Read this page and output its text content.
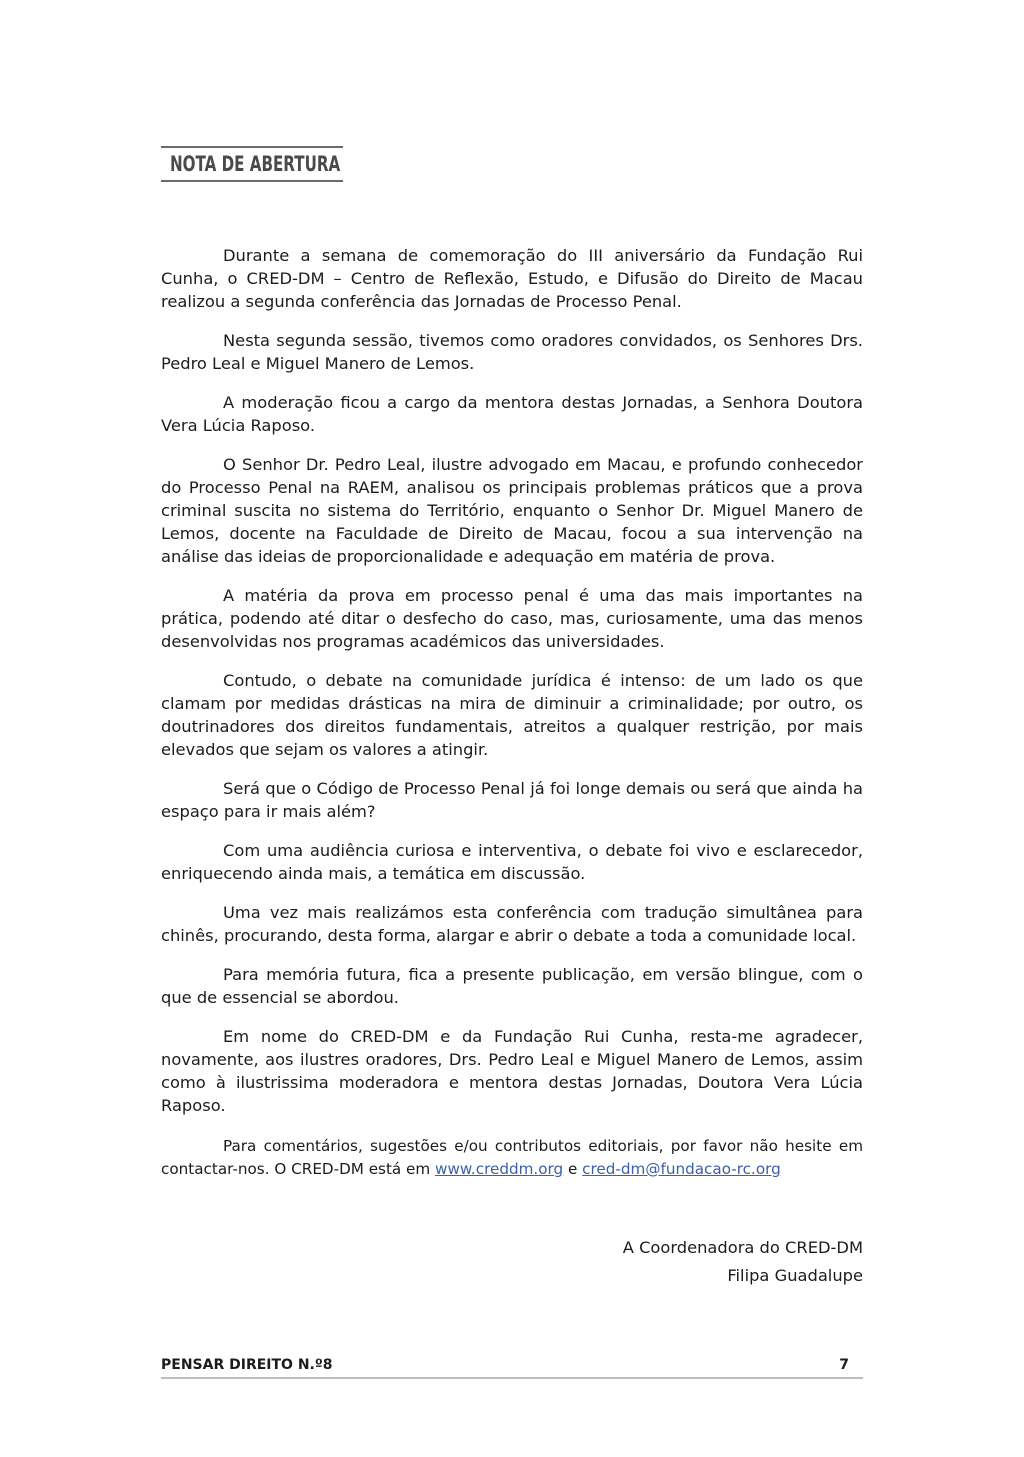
NOTA DE ABERTURA

Durante a semana de comemoração do III aniversário da Fundação Rui Cunha, o CRED-DM – Centro de Reflexão, Estudo, e Difusão do Direito de Macau realizou a segunda conferência das Jornadas de Processo Penal.

Nesta segunda sessão, tivemos como oradores convidados, os Senhores Drs. Pedro Leal e Miguel Manero de Lemos.

A moderação ficou a cargo da mentora destas Jornadas, a Senhora Doutora Vera Lúcia Raposo.

O Senhor Dr. Pedro Leal, ilustre advogado em Macau, e profundo conhecedor do Processo Penal na RAEM, analisou os principais problemas práticos que a prova criminal suscita no sistema do Território, enquanto o Senhor Dr. Miguel Manero de Lemos, docente na Faculdade de Direito de Macau, focou a sua intervenção na análise das ideias de proporcionalidade e adequação em matéria de prova.

A matéria da prova em processo penal é uma das mais importantes na prática, podendo até ditar o desfecho do caso, mas, curiosamente, uma das menos desenvolvidas nos programas académicos das universidades.

Contudo, o debate na comunidade jurídica é intenso: de um lado os que clamam por medidas drásticas na mira de diminuir a criminalidade; por outro, os doutrinadores dos direitos fundamentais, atreitos a qualquer restrição, por mais elevados que sejam os valores a atingir.

Será que o Código de Processo Penal já foi longe demais ou será que ainda ha espaço para ir mais além?

Com uma audiência curiosa e interventiva, o debate foi vivo e esclarecedor, enriquecendo ainda mais, a temática em discussão.

Uma vez mais realizámos esta conferência com tradução simultânea para chinês, procurando, desta forma, alargar e abrir o debate a toda a comunidade local.

Para memória futura, fica a presente publicação, em versão blingue, com o que de essencial se abordou.

Em nome do CRED-DM e da Fundação Rui Cunha, resta-me agradecer, novamente, aos ilustres oradores, Drs. Pedro Leal e Miguel Manero de Lemos, assim como à ilustrissima moderadora e mentora destas Jornadas, Doutora Vera Lúcia Raposo.

Para comentários, sugestões e/ou contributos editoriais, por favor não hesite em contactar-nos. O CRED-DM está em www.creddm.org e cred-dm@fundacao-rc.org

A Coordenadora do CRED-DM
Filipa Guadalupe
PENSAR DIREITO N.º8	7
